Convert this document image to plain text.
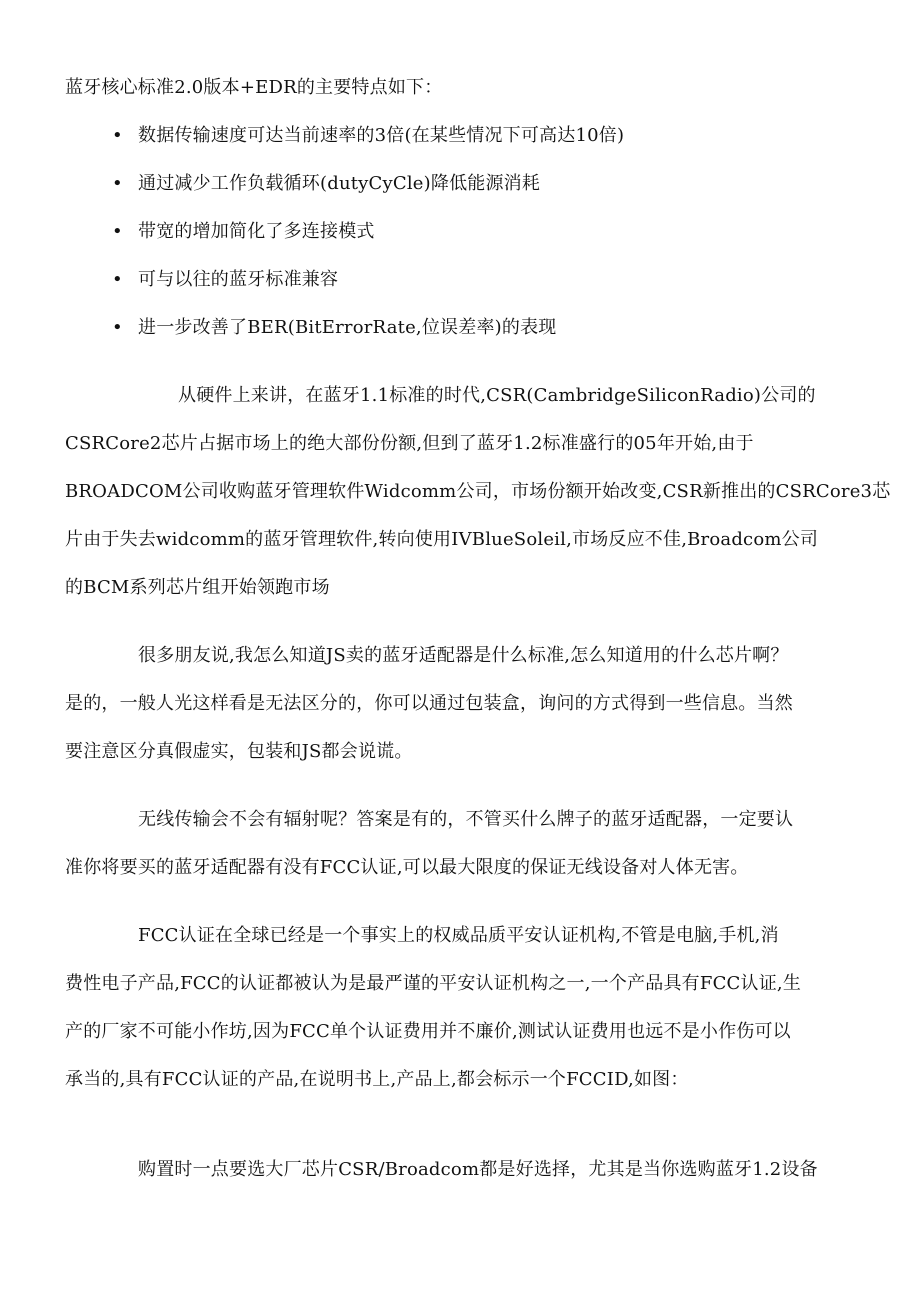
蓝牙核心标准2.0版本+EDR的主要特点如下：
• 数据传输速度可达当前速率的3倍(在某些情况下可高达10倍)
• 通过减少工作负载循环(dutyCyCle)降低能源消耗
• 带宽的增加简化了多连接模式
• 可与以往的蓝牙标准兼容
• 进一步改善了BER(BitErrorRate,位误差率)的表现
从硬件上来讲，在蓝牙1.1标准的时代,CSR(CambridgeSiliconRadio)公司的
CSRCore2芯片占据市场上的绝大部份份额,但到了蓝牙1.2标准盛行的05年开始,由于
BROADCOM公司收购蓝牙管理软件Widcomm公司，市场份额开始改变,CSR新推出的CSRCore3芯
片由于失去widcomm的蓝牙管理软件,转向使用IVBlueSoleil,市场反应不佳,Broadcom公司
的BCM系列芯片组开始领跑市场
很多朋友说,我怎么知道JS卖的蓝牙适配器是什么标准,怎么知道用的什么芯片啊？
是的，一般人光这样看是无法区分的，你可以通过包装盒，询问的方式得到一些信息。当然
要注意区分真假虚实，包装和JS都会说谎。
无线传输会不会有辐射呢？答案是有的，不管买什么牌子的蓝牙适配器，一定要认
准你将要买的蓝牙适配器有没有FCC认证,可以最大限度的保证无线设备对人体无害。
FCC认证在全球已经是一个事实上的权威品质平安认证机构,不管是电脑,手机,消
费性电子产品,FCC的认证都被认为是最严谨的平安认证机构之一,一个产品具有FCC认证,生
产的厂家不可能小作坊,因为FCC单个认证费用并不廉价,测试认证费用也远不是小作伤可以
承当的,具有FCC认证的产品,在说明书上,产品上,都会标示一个FCCID,如图：
购置时一点要选大厂芯片CSR/Broadcom都是好选择，尤其是当你选购蓝牙1.2设备
